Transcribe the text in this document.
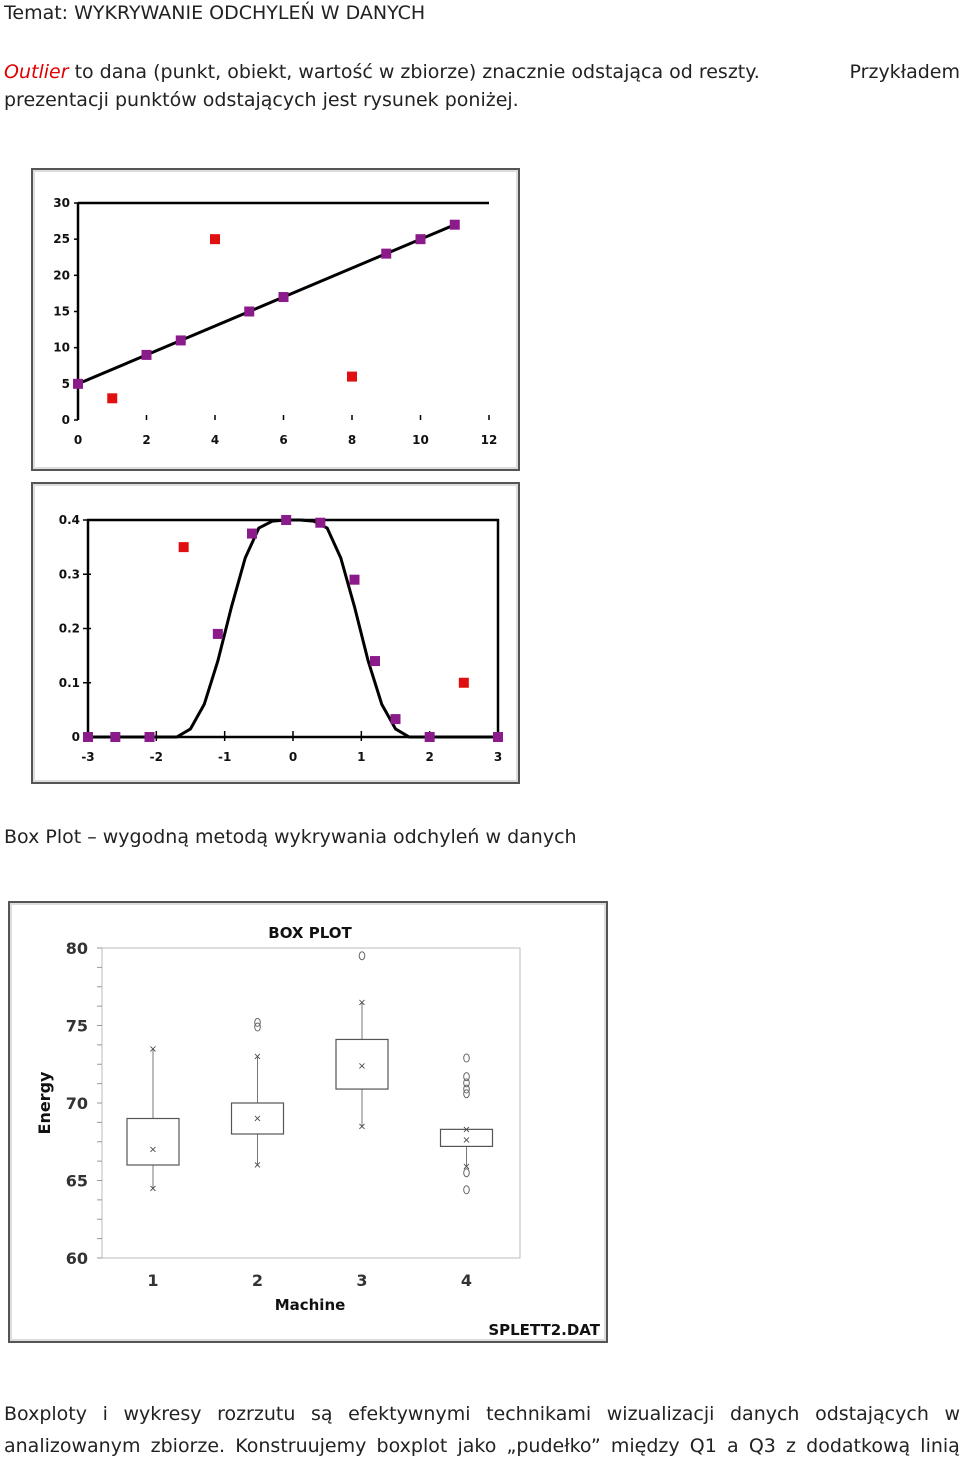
Temat: WYKRYWANIE ODCHYLEŃ W DANYCH
Outlier to dana (punkt, obiekt, wartość w zbiorze) znacznie odstająca od reszty.	Przykładem
prezentacji punktów odstających jest rysunek poniżej.
0
5
10
15
20
25
30
0	2	4	6	8	10	12
0
0.1
0.2
0.3
0.4
-3	-2	-1	0	1	2	3
Box Plot – wygodną metodą wykrywania odchyleń w danych
BOX PLOT
60
65
70
75
80
Energy
1	2	3	4
Machine
SPLETT2.DAT
×
×
×
×
×
×
×
×
×
×
×
×
Boxploty i wykresy rozrzutu są efektywnymi technikami wizualizacji danych odstających w
analizowanym zbiorze. Konstruujemy boxplot jako „pudełko” między Q1 a Q3 z dodatkową linią
